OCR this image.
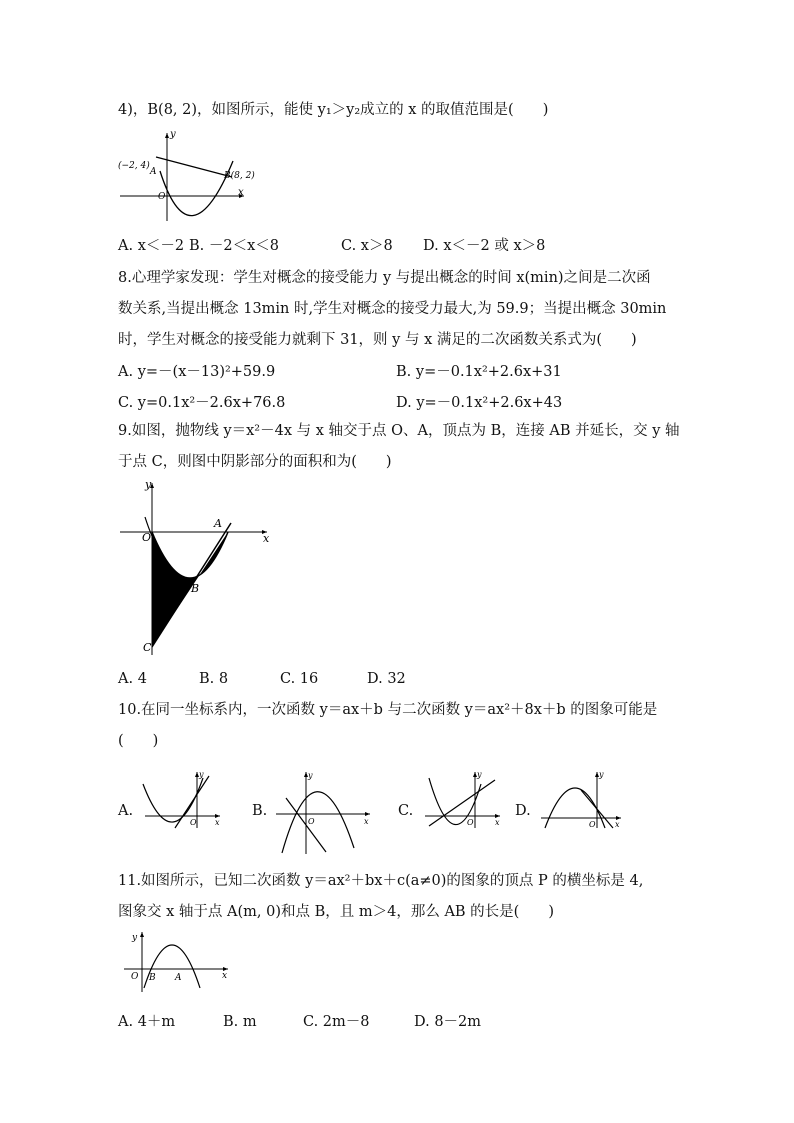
4)，B(8, 2)，如图所示，能使 y₁＞y₂成立的 x 的取值范围是(　　)
y
x
O
A
(−2, 4)
B(8, 2)
A. x＜－2 B. －2＜x＜8	C. x＞8 D. x＜－2 或 x＞8
8.心理学家发现：学生对概念的接受能力 y 与提出概念的时间 x(min)之间是二次函
数关系,当提出概念 13min 时,学生对概念的接受力最大,为 59.9；当提出概念 30min
时，学生对概念的接受能力就剩下 31，则 y 与 x 满足的二次函数关系式为(　　)
A. y=－(x－13)²+59.9	B. y=－0.1x²+2.6x+31
C. y=0.1x²－2.6x+76.8	D. y=－0.1x²+2.6x+43
9.如图，抛物线 y＝x²－4x 与 x 轴交于点 O、A，顶点为 B，连接 AB 并延长，交 y 轴
于点 C，则图中阴影部分的面积和为(　　)
y
x
O
A
B
C
A. 4	B. 8	C. 16	D. 32
10.在同一坐标系内，一次函数 y＝ax＋b 与二次函数 y＝ax²＋8x＋b 的图象可能是
(　　)
A.
y
x
O
B.
y
x
O
C.
y
x
O
D.
y
x
O
11.如图所示，已知二次函数 y＝ax²＋bx＋c(a≠0)的图象的顶点 P 的横坐标是 4,
图象交 x 轴于点 A(m, 0)和点 B，且 m＞4，那么 AB 的长是(　　)
y
x
O B A
A. 4＋m	B. m	C. 2m－8	D. 8－2m
